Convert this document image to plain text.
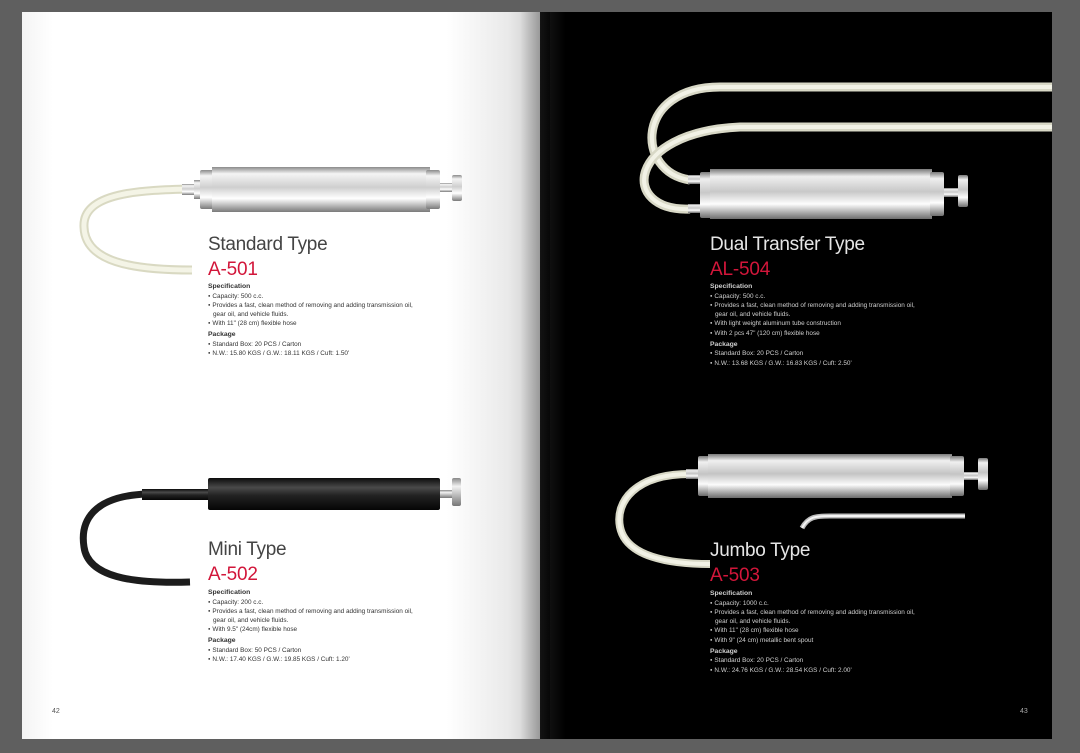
Standard Type
A-501
Specification
● Capacity: 500 c.c.
● Provides a fast, clean method of removing and adding transmission oil,
gear oil, and vehicle fluids.
● With 11" (28 cm) flexible hose
Package
● Standard Box: 20 PCS / Carton
● N.W.: 15.80 KGS / G.W.: 18.11 KGS / Cuft: 1.50'
Mini Type
A-502
Specification
● Capacity: 200 c.c.
● Provides a fast, clean method of removing and adding transmission oil,
gear oil, and vehicle fluids.
● With 9.5" (24cm) flexible hose
Package
● Standard Box: 50 PCS / Carton
● N.W.: 17.40 KGS / G.W.: 19.85 KGS / Cuft: 1.20'
42
Dual Transfer Type
AL-504
Specification
● Capacity: 500 c.c.
● Provides a fast, clean method of removing and adding transmission oil,
gear oil, and vehicle fluids.
● With light weight aluminum tube construction
● With 2 pcs 47" (120 cm) flexible hose
Package
● Standard Box: 20 PCS / Carton
● N.W.: 13.68 KGS / G.W.: 16.83 KGS / Cuft: 2.50'
Jumbo Type
A-503
Specification
● Capacity: 1000 c.c.
● Provides a fast, clean method of removing and adding transmission oil,
gear oil, and vehicle fluids.
● With 11" (28 cm) flexible hose
● With 9" (24 cm) metallic bent spout
Package
● Standard Box: 20 PCS / Carton
● N.W.: 24.76 KGS / G.W.: 28.54 KGS / Cuft: 2.00'
43
